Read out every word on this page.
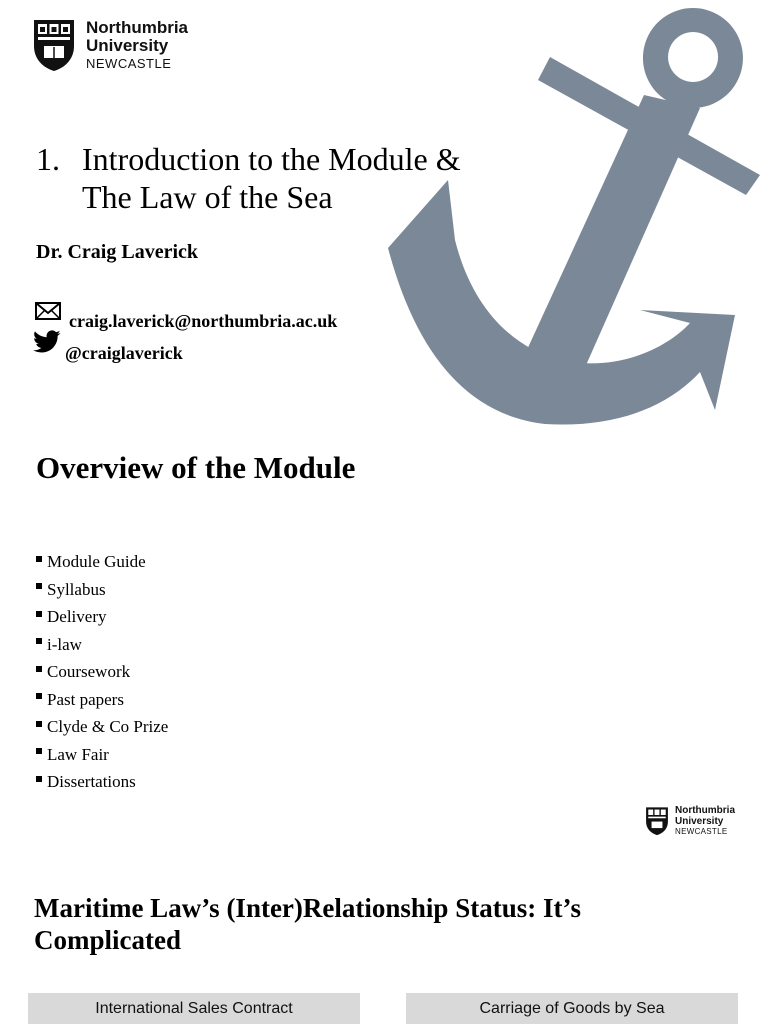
Northumbria
University
NEWCASTLE
1. Introduction to the Module &
The Law of the Sea
Dr. Craig Laverick
craig.laverick@northumbria.ac.uk
@craiglaverick
Overview of the Module
Module Guide
Syllabus
Delivery
i-law
Coursework
Past papers
Clyde & Co Prize
Law Fair
Dissertations
Northumbria
University
NEWCASTLE
Maritime Law’s (Inter)Relationship Status: It’s Complicated
International Sales Contract	Carriage of Goods by Sea
